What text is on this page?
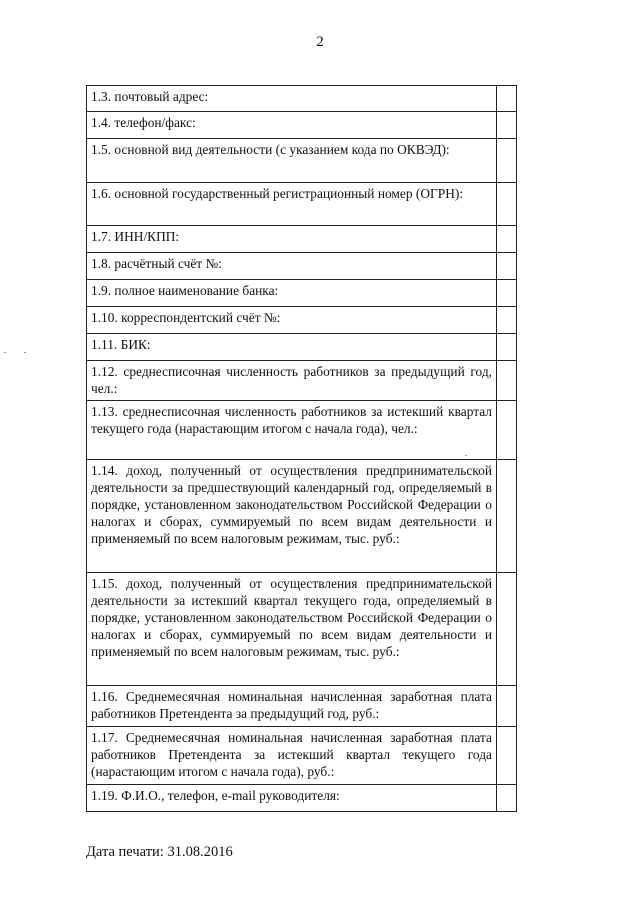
2
1.3. почтовый адрес:	
1.4. телефон/факс:	
1.5. основной вид деятельности (с указанием кода по ОКВЭД):	
1.6. основной государственный регистрационный номер (ОГРН):	
1.7. ИНН/КПП:	
1.8. расчётный счёт №:	
1.9. полное наименование банка:	
1.10. корреспондентский счёт №:	
1.11. БИК:	
1.12. среднесписочная численность работников за предыдущий год, чел.:	
1.13. среднесписочная численность работников за истекший квартал текущего года (нарастающим итогом с начала года), чел.:	
1.14. доход, полученный от осуществления предпринимательской деятельности за предшествующий календарный год, определяемый в порядке, установленном законодательством Российской Федерации о налогах и сборах, суммируемый по всем видам деятельности и применяемый по всем налоговым режимам, тыс. руб.:	
1.15. доход, полученный от осуществления предпринимательской деятельности за истекший квартал текущего года, определяемый в порядке, установленном законодательством Российской Федерации о налогах и сборах, суммируемый по всем видам деятельности и применяемый по всем налоговым режимам, тыс. руб.:	
1.16. Среднемесячная номинальная начисленная заработная плата работников Претендента за предыдущий год, руб.:	
1.17. Среднемесячная номинальная начисленная заработная плата работников Претендента за истекший квартал текущего года (нарастающим итогом с начала года), руб.:	
1.19. Ф.И.О., телефон, e-mail руководителя:	
Дата печати: 31.08.2016
